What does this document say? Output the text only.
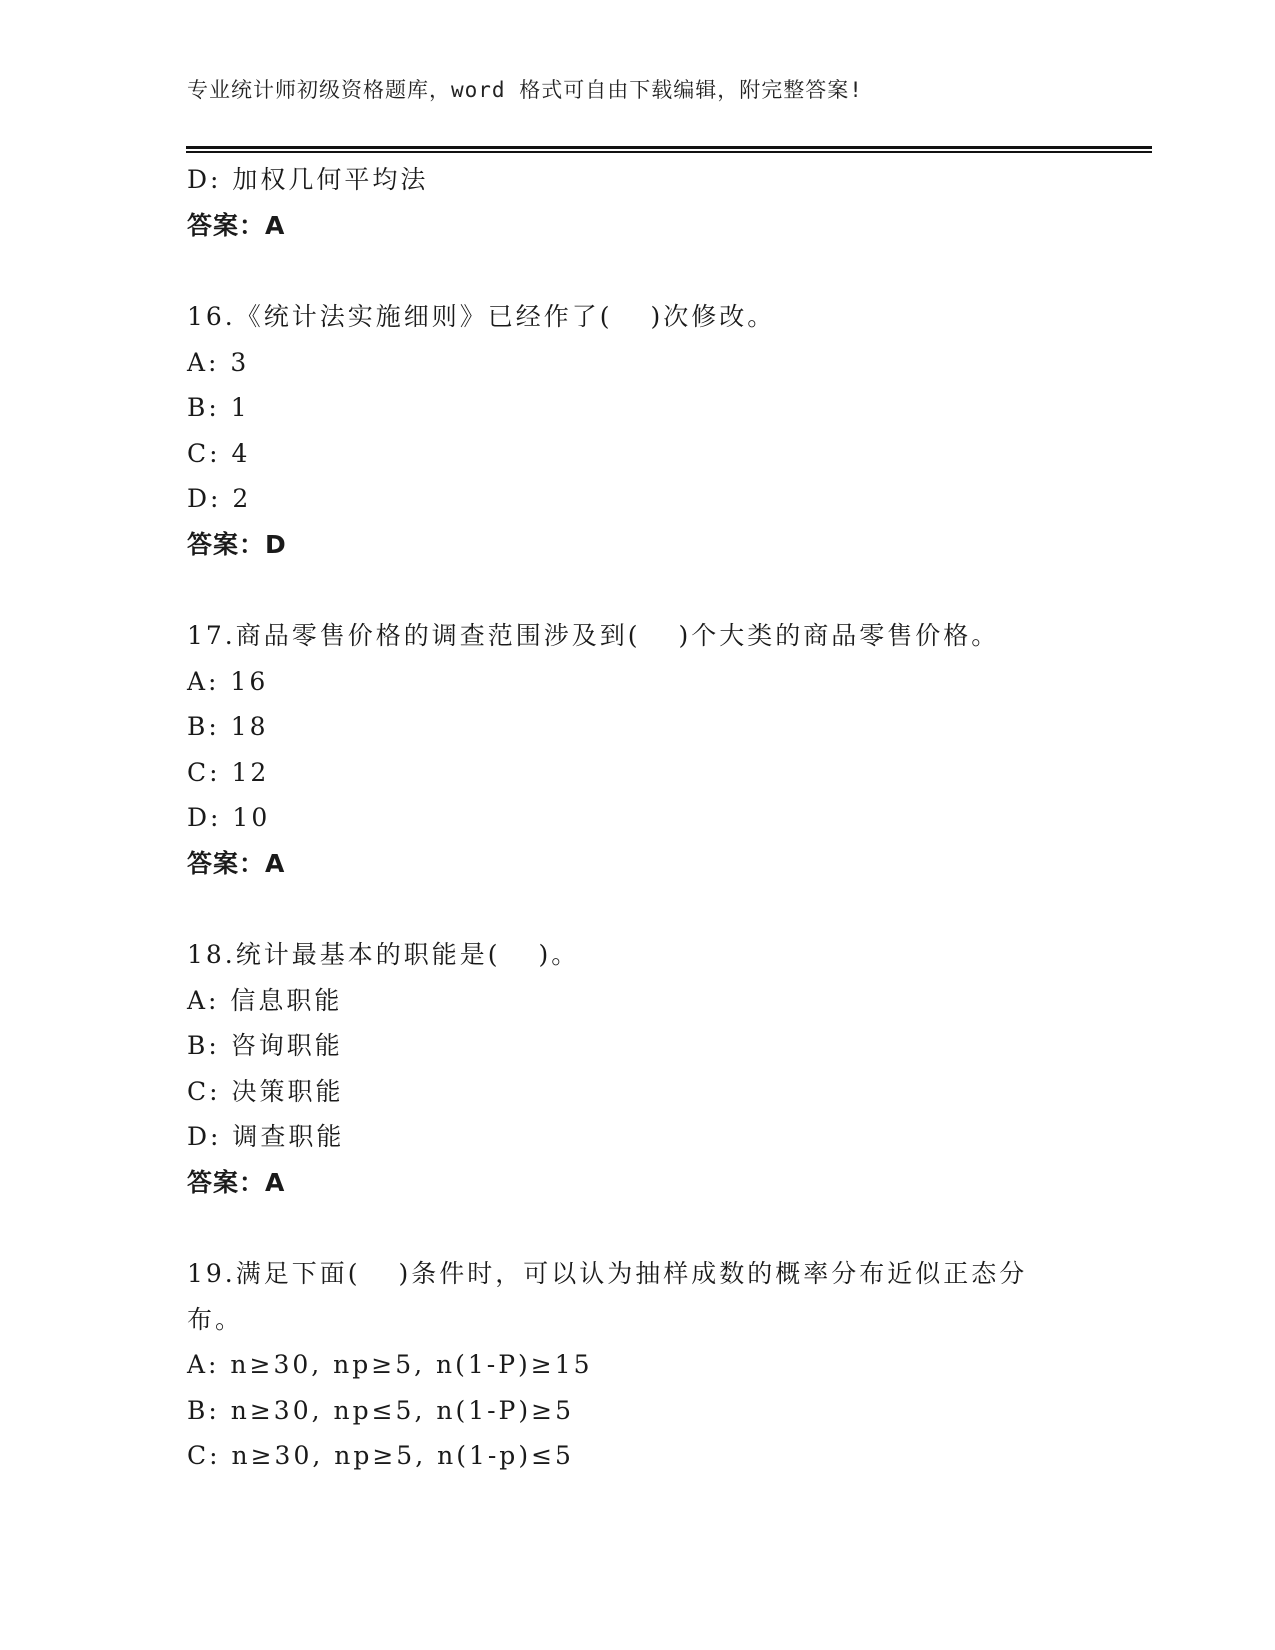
专业统计师初级资格题库，word 格式可自由下载编辑，附完整答案!
D: 加权几何平均法
答案：A
16.《统计法实施细则》已经作了( )次修改。
A: 3
B: 1
C: 4
D: 2
答案：D
17.商品零售价格的调查范围涉及到( )个大类的商品零售价格。
A: 16
B: 18
C: 12
D: 10
答案：A
18.统计最基本的职能是( )。
A: 信息职能
B: 咨询职能
C: 决策职能
D: 调查职能
答案：A
19.满足下面( )条件时，可以认为抽样成数的概率分布近似正态分
布。
A: n≥30, np≥5, n(1-P)≥15
B: n≥30, np≤5, n(1-P)≥5
C: n≥30, np≥5, n(1-p)≤5
